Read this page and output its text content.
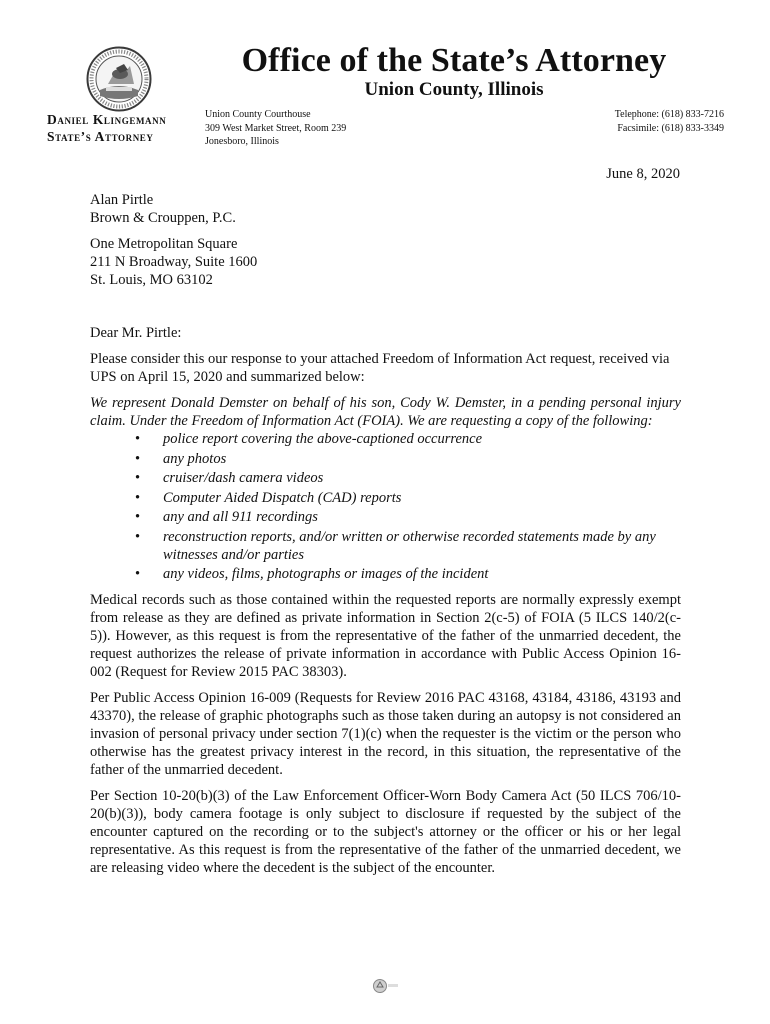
Office of the State’s Attorney
Union County, Illinois
Daniel Klingemann
State’s Attorney
Union County Courthouse
309 West Market Street, Room 239
Jonesboro, Illinois
Telephone: (618) 833-7216
Facsimile: (618) 833-3349
June 8, 2020
Alan Pirtle
Brown & Crouppen, P.C.
One Metropolitan Square
211 N Broadway, Suite 1600
St. Louis, MO 63102

Dear Mr. Pirtle:

Please consider this our response to your attached Freedom of Information Act request, received via UPS on April 15, 2020 and summarized below:

We represent Donald Demster on behalf of his son, Cody W. Demster, in a pending personal injury claim. Under the Freedom of Information Act (FOIA). We are requesting a copy of the following:

• police report covering the above-captioned occurrence
• any photos
• cruiser/dash camera videos
• Computer Aided Dispatch (CAD) reports
• any and all 911 recordings
• reconstruction reports, and/or written or otherwise recorded statements made by any witnesses and/or parties
• any videos, films, photographs or images of the incident

Medical records such as those contained within the requested reports are normally expressly exempt from release as they are defined as private information in Section 2(c-5) of FOIA (5 ILCS 140/2(c-5)). However, as this request is from the representative of the father of the unmarried decedent, the request authorizes the release of private information in accordance with Public Access Opinion 16-002 (Request for Review 2015 PAC 38303).

Per Public Access Opinion 16-009 (Requests for Review 2016 PAC 43168, 43184, 43186, 43193 and 43370), the release of graphic photographs such as those taken during an autopsy is not considered an invasion of personal privacy under section 7(1)(c) when the requester is the victim or the person who otherwise has the greatest privacy interest in the record, in this situation, the representative of the father of the unmarried decedent.

Per Section 10-20(b)(3) of the Law Enforcement Officer-Worn Body Camera Act (50 ILCS 706/10-20(b)(3)), body camera footage is only subject to disclosure if requested by the subject of the encounter captured on the recording or to the subject's attorney or the officer or his or her legal representative. As this request is from the representative of the father of the unmarried decedent, we are releasing video where the decedent is the subject of the encounter.
